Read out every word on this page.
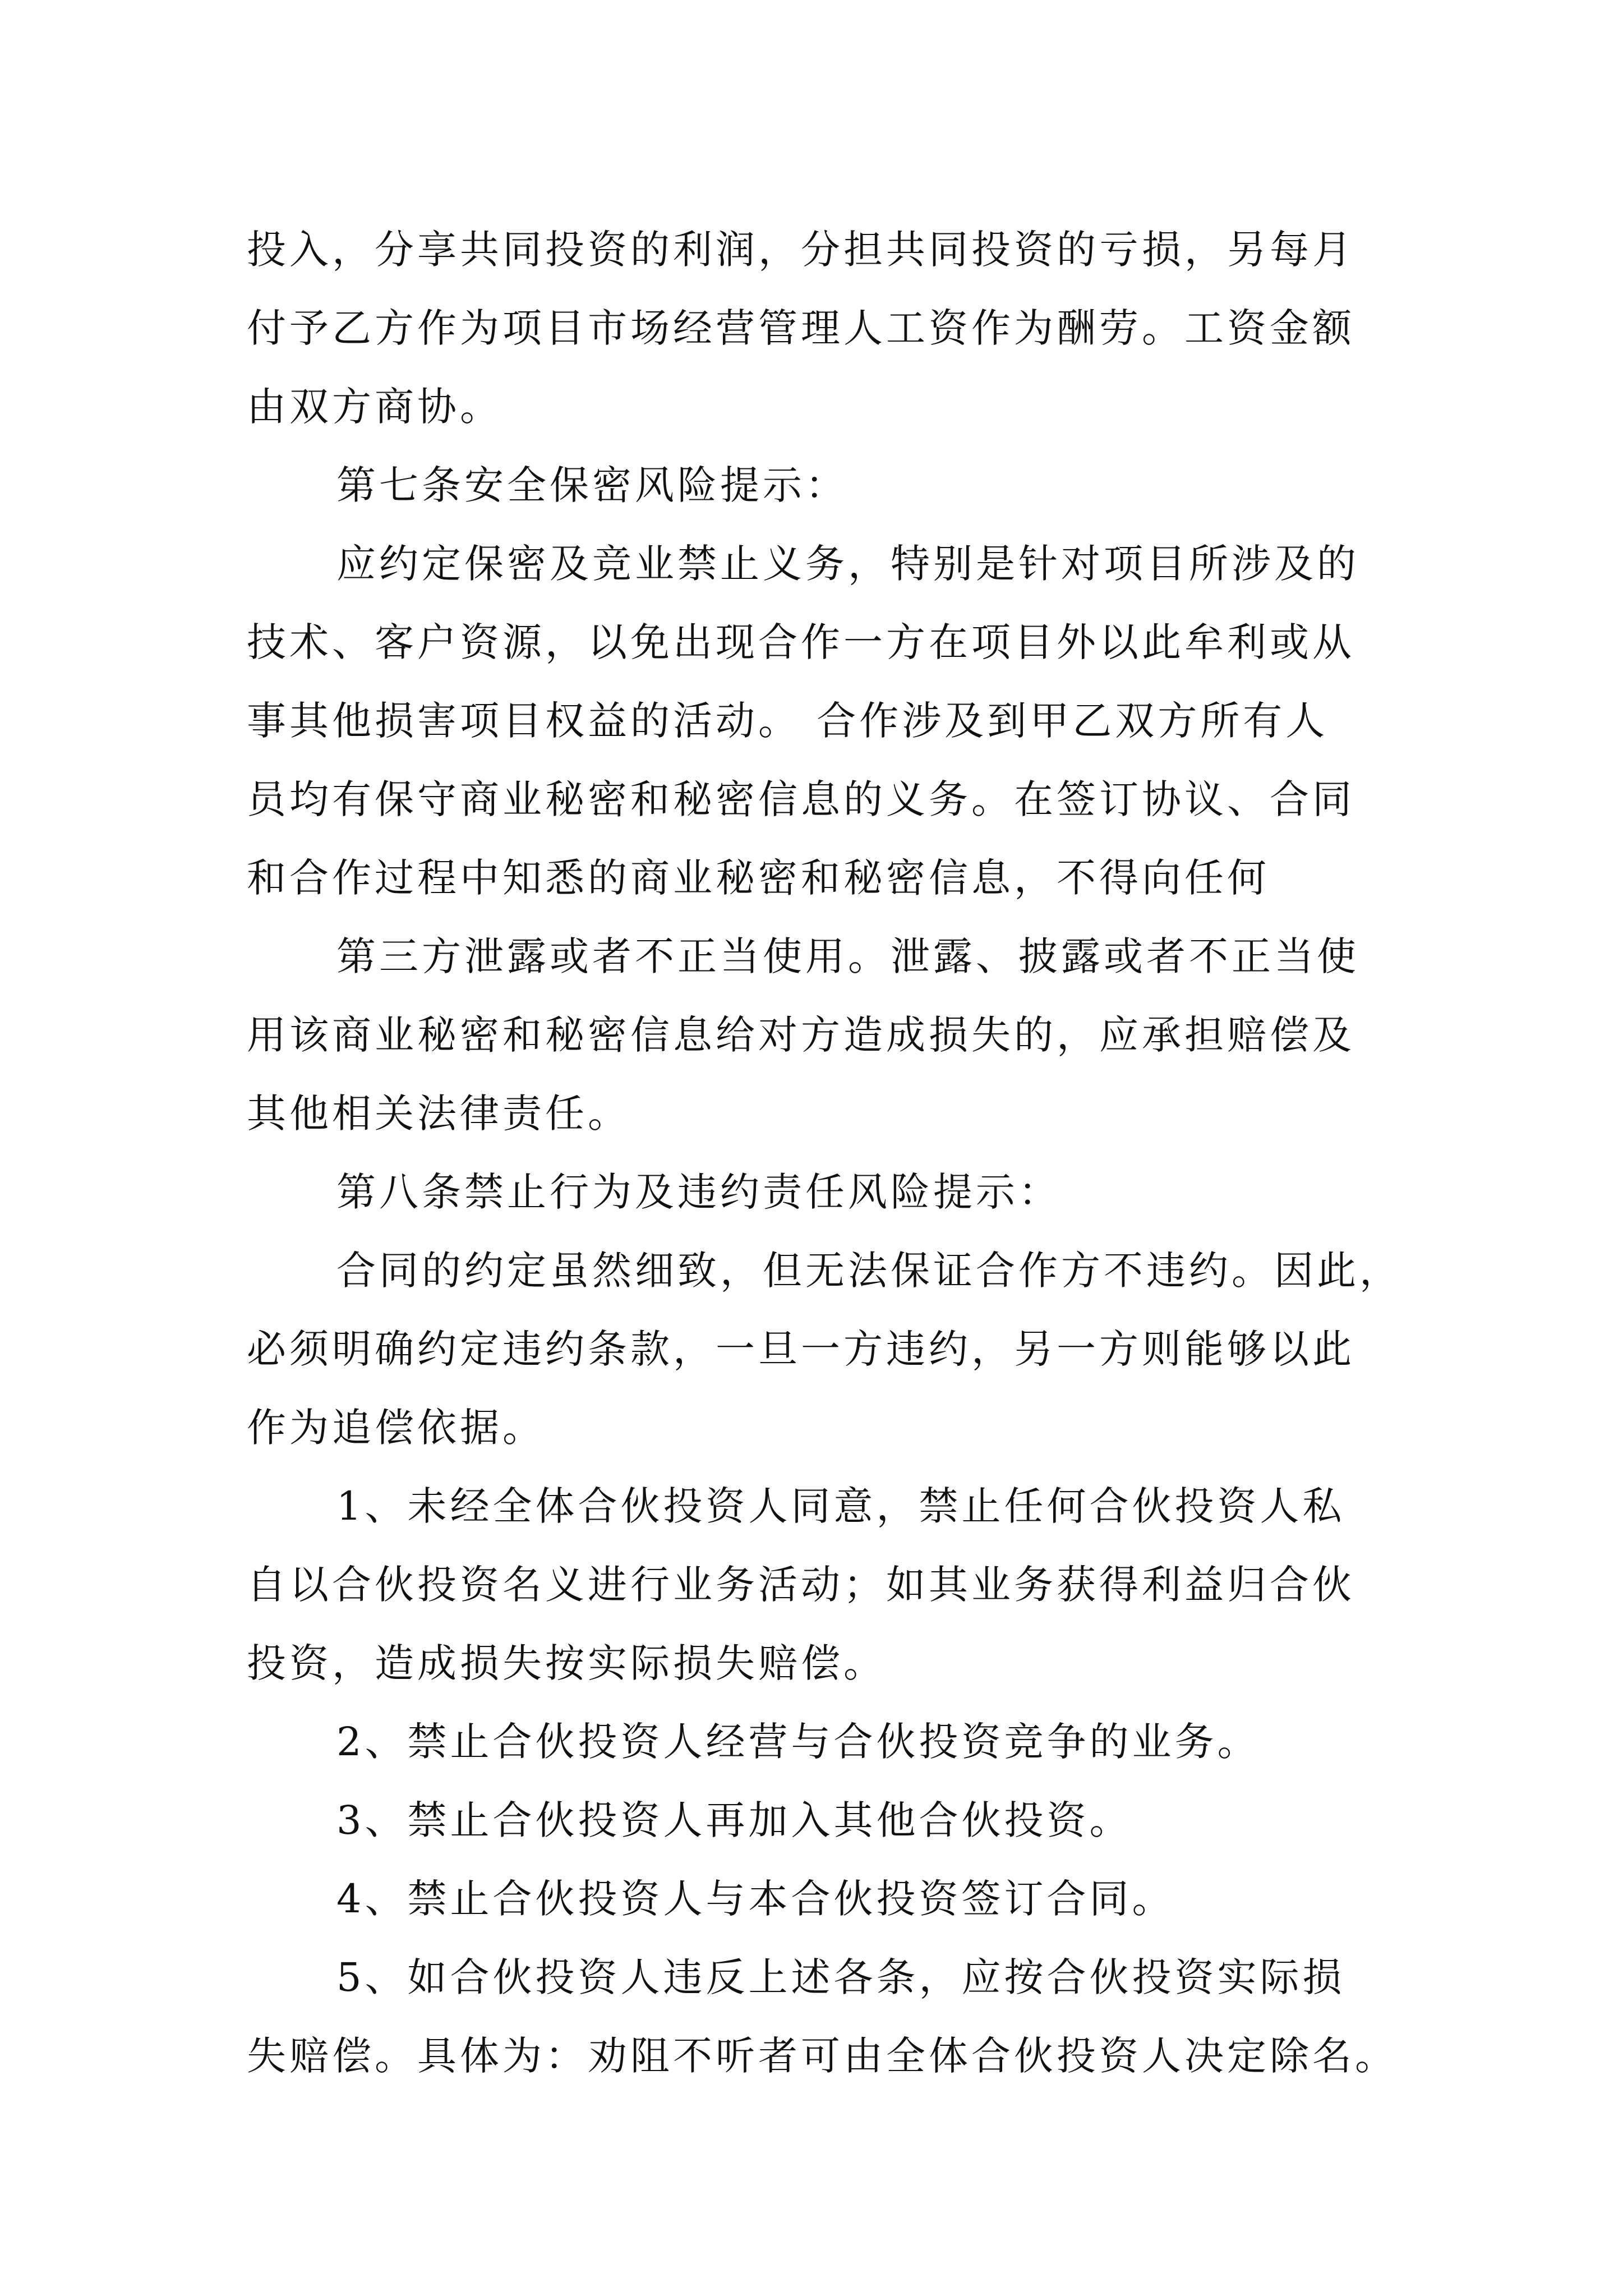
投入，分享共同投资的利润，分担共同投资的亏损，另每月
付予乙方作为项目市场经营管理人工资作为酬劳。工资金额
由双方商协。
第七条安全保密风险提示：
应约定保密及竞业禁止义务，特别是针对项目所涉及的
技术、客户资源，以免出现合作一方在项目外以此牟利或从
事其他损害项目权益的活动。 合作涉及到甲乙双方所有人
员均有保守商业秘密和秘密信息的义务。在签订协议、合同
和合作过程中知悉的商业秘密和秘密信息，不得向任何
第三方泄露或者不正当使用。泄露、披露或者不正当使
用该商业秘密和秘密信息给对方造成损失的，应承担赔偿及
其他相关法律责任。
第八条禁止行为及违约责任风险提示：
合同的约定虽然细致，但无法保证合作方不违约。因此，
必须明确约定违约条款，一旦一方违约，另一方则能够以此
作为追偿依据。
1、未经全体合伙投资人同意，禁止任何合伙投资人私
自以合伙投资名义进行业务活动；如其业务获得利益归合伙
投资，造成损失按实际损失赔偿。
2、禁止合伙投资人经营与合伙投资竞争的业务。
3、禁止合伙投资人再加入其他合伙投资。
4、禁止合伙投资人与本合伙投资签订合同。
5、如合伙投资人违反上述各条，应按合伙投资实际损
失赔偿。具体为：劝阻不听者可由全体合伙投资人决定除名。
